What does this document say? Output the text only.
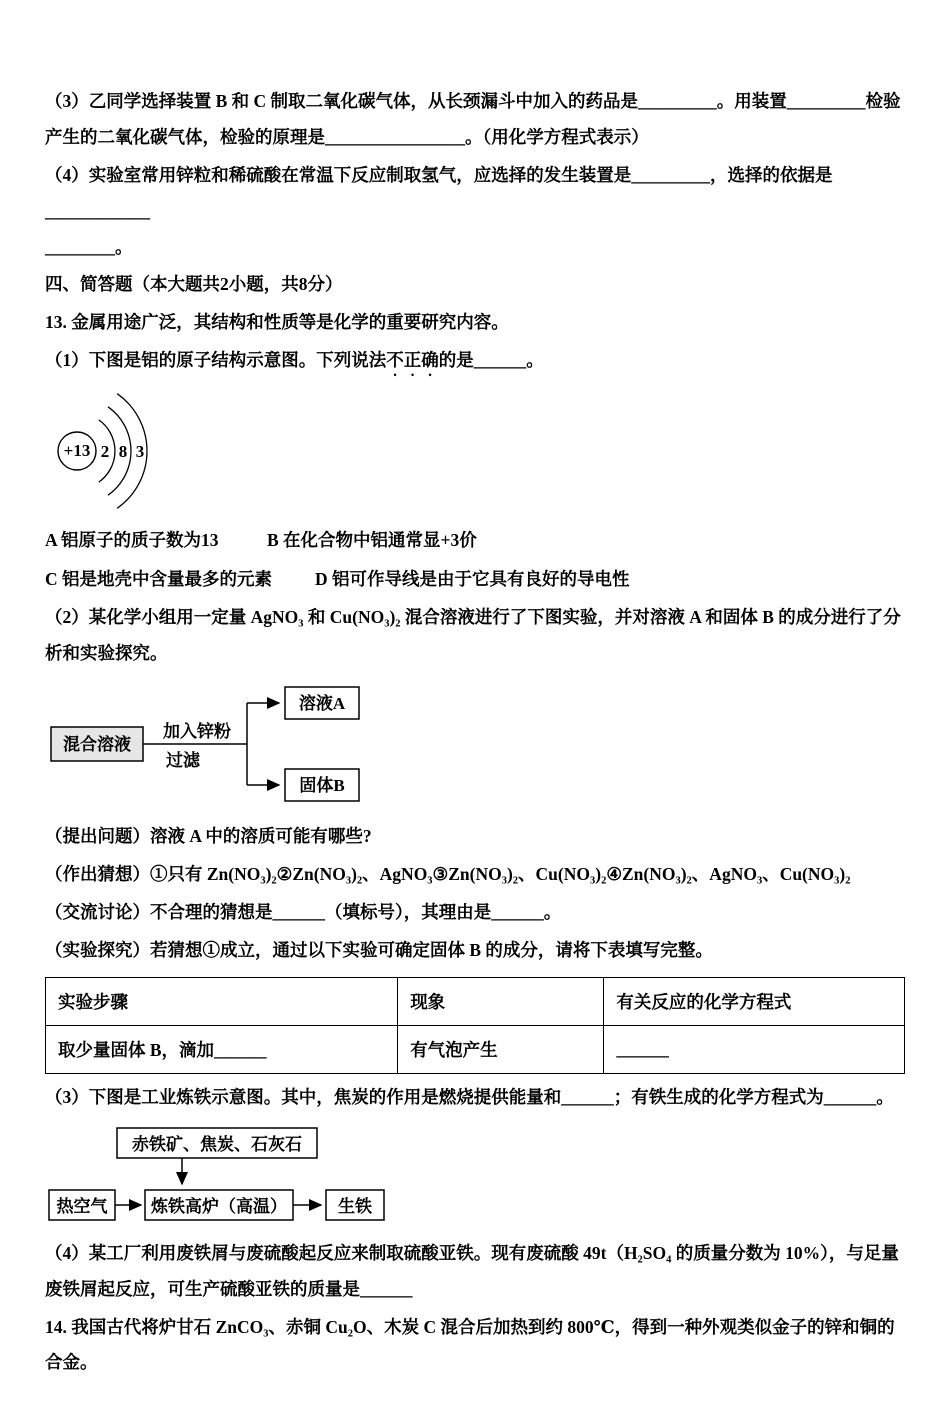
（3）乙同学选择装置 B 和 C 制取二氧化碳气体，从长颈漏斗中加入的药品是_________。用装置_________检验产生的二氧化碳气体，检验的原理是________________。（用化学方程式表示）

（4）实验室常用锌粒和稀硫酸在常温下反应制取氢气，应选择的发生装置是_________，选择的依据是____________
________。

四、简答题（本大题共2小题，共8分）

13. 金属用途广泛，其结构和性质等是化学的重要研究内容。

（1）下图是铝的原子结构示意图。下列说法不正确的是______。

+13 2 8 3

A 铝原子的质子数为13	B 在化合物中铝通常显+3价

C 铝是地壳中含量最多的元素 D 铝可作导线是由于它具有良好的导电性

（2）某化学小组用一定量 AgNO₃ 和 Cu(NO₃)₂ 混合溶液进行了下图实验，并对溶液 A 和固体 B 的成分进行了分析和实验探究。

混合溶液
加入锌粉
过滤
溶液A
固体B

（提出问题）溶液 A 中的溶质可能有哪些?

（作出猜想）①只有 Zn(NO₃)₂②Zn(NO₃)₂、AgNO₃③Zn(NO₃)₂、Cu(NO₃)₂④Zn(NO₃)₂、AgNO₃、Cu(NO₃)₂

（交流讨论）不合理的猜想是______（填标号），其理由是______。

（实验探究）若猜想①成立，通过以下实验可确定固体 B 的成分，请将下表填写完整。

实验步骤	现象	有关反应的化学方程式
取少量固体 B，滴加______	有气泡产生	______

（3）下图是工业炼铁示意图。其中，焦炭的作用是燃烧提供能量和______；有铁生成的化学方程式为______。

赤铁矿、焦炭、石灰石
热空气	炼铁高炉（高温）	生铁

（4）某工厂利用废铁屑与废硫酸起反应来制取硫酸亚铁。现有废硫酸 49t（H₂SO₄ 的质量分数为 10%），与足量废铁屑起反应，可生产硫酸亚铁的质量是______

14. 我国古代将炉甘石 ZnCO₃、赤铜 Cu₂O、木炭 C 混合后加热到约 800℃，得到一种外观类似金子的锌和铜的合金。
